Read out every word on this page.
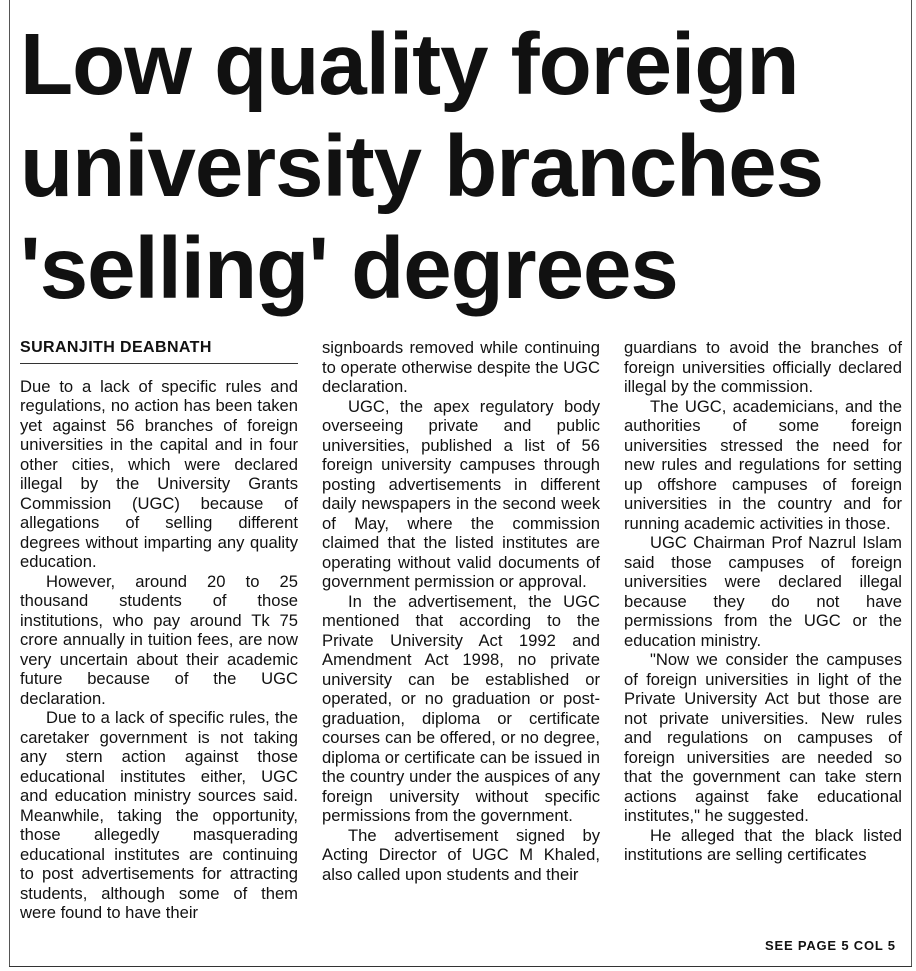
Low quality foreign
university branches
'selling' degrees
SURANJITH DEABNATH

Due to a lack of specific rules and regulations, no action has been taken yet against 56 branches of foreign universities in the capital and in four other cities, which were declared illegal by the University Grants Commission (UGC) because of allegations of selling different degrees without imparting any quality education.

However, around 20 to 25 thousand students of those institutions, who pay around Tk 75 crore annually in tuition fees, are now very uncertain about their academic future because of the UGC declaration.

Due to a lack of specific rules, the caretaker government is not taking any stern action against those educational institutes either, UGC and education ministry sources said. Meanwhile, taking the opportunity, those allegedly masquerading educational institutes are continuing to post advertisements for attracting students, although some of them were found to have their

signboards removed while continuing to operate otherwise despite the UGC declaration.

UGC, the apex regulatory body overseeing private and public universities, published a list of 56 foreign university campuses through posting advertisements in different daily newspapers in the second week of May, where the commission claimed that the listed institutes are operating without valid documents of government permission or approval.

In the advertisement, the UGC mentioned that according to the Private University Act 1992 and Amendment Act 1998, no private university can be established or operated, or no graduation or post-graduation, diploma or certificate courses can be offered, or no degree, diploma or certificate can be issued in the country under the auspices of any foreign university without specific permissions from the government.

The advertisement signed by Acting Director of UGC M Khaled, also called upon students and their

guardians to avoid the branches of foreign universities officially declared illegal by the commission.

The UGC, academicians, and the authorities of some foreign universities stressed the need for new rules and regulations for setting up offshore campuses of foreign universities in the country and for running academic activities in those.

UGC Chairman Prof Nazrul Islam said those campuses of foreign universities were declared illegal because they do not have permissions from the UGC or the education ministry.

"Now we consider the campuses of foreign universities in light of the Private University Act but those are not private universities. New rules and regulations on campuses of foreign universities are needed so that the government can take stern actions against fake educational institutes," he suggested.

He alleged that the black listed institutions are selling certificates

SEE PAGE 5 COL 5
